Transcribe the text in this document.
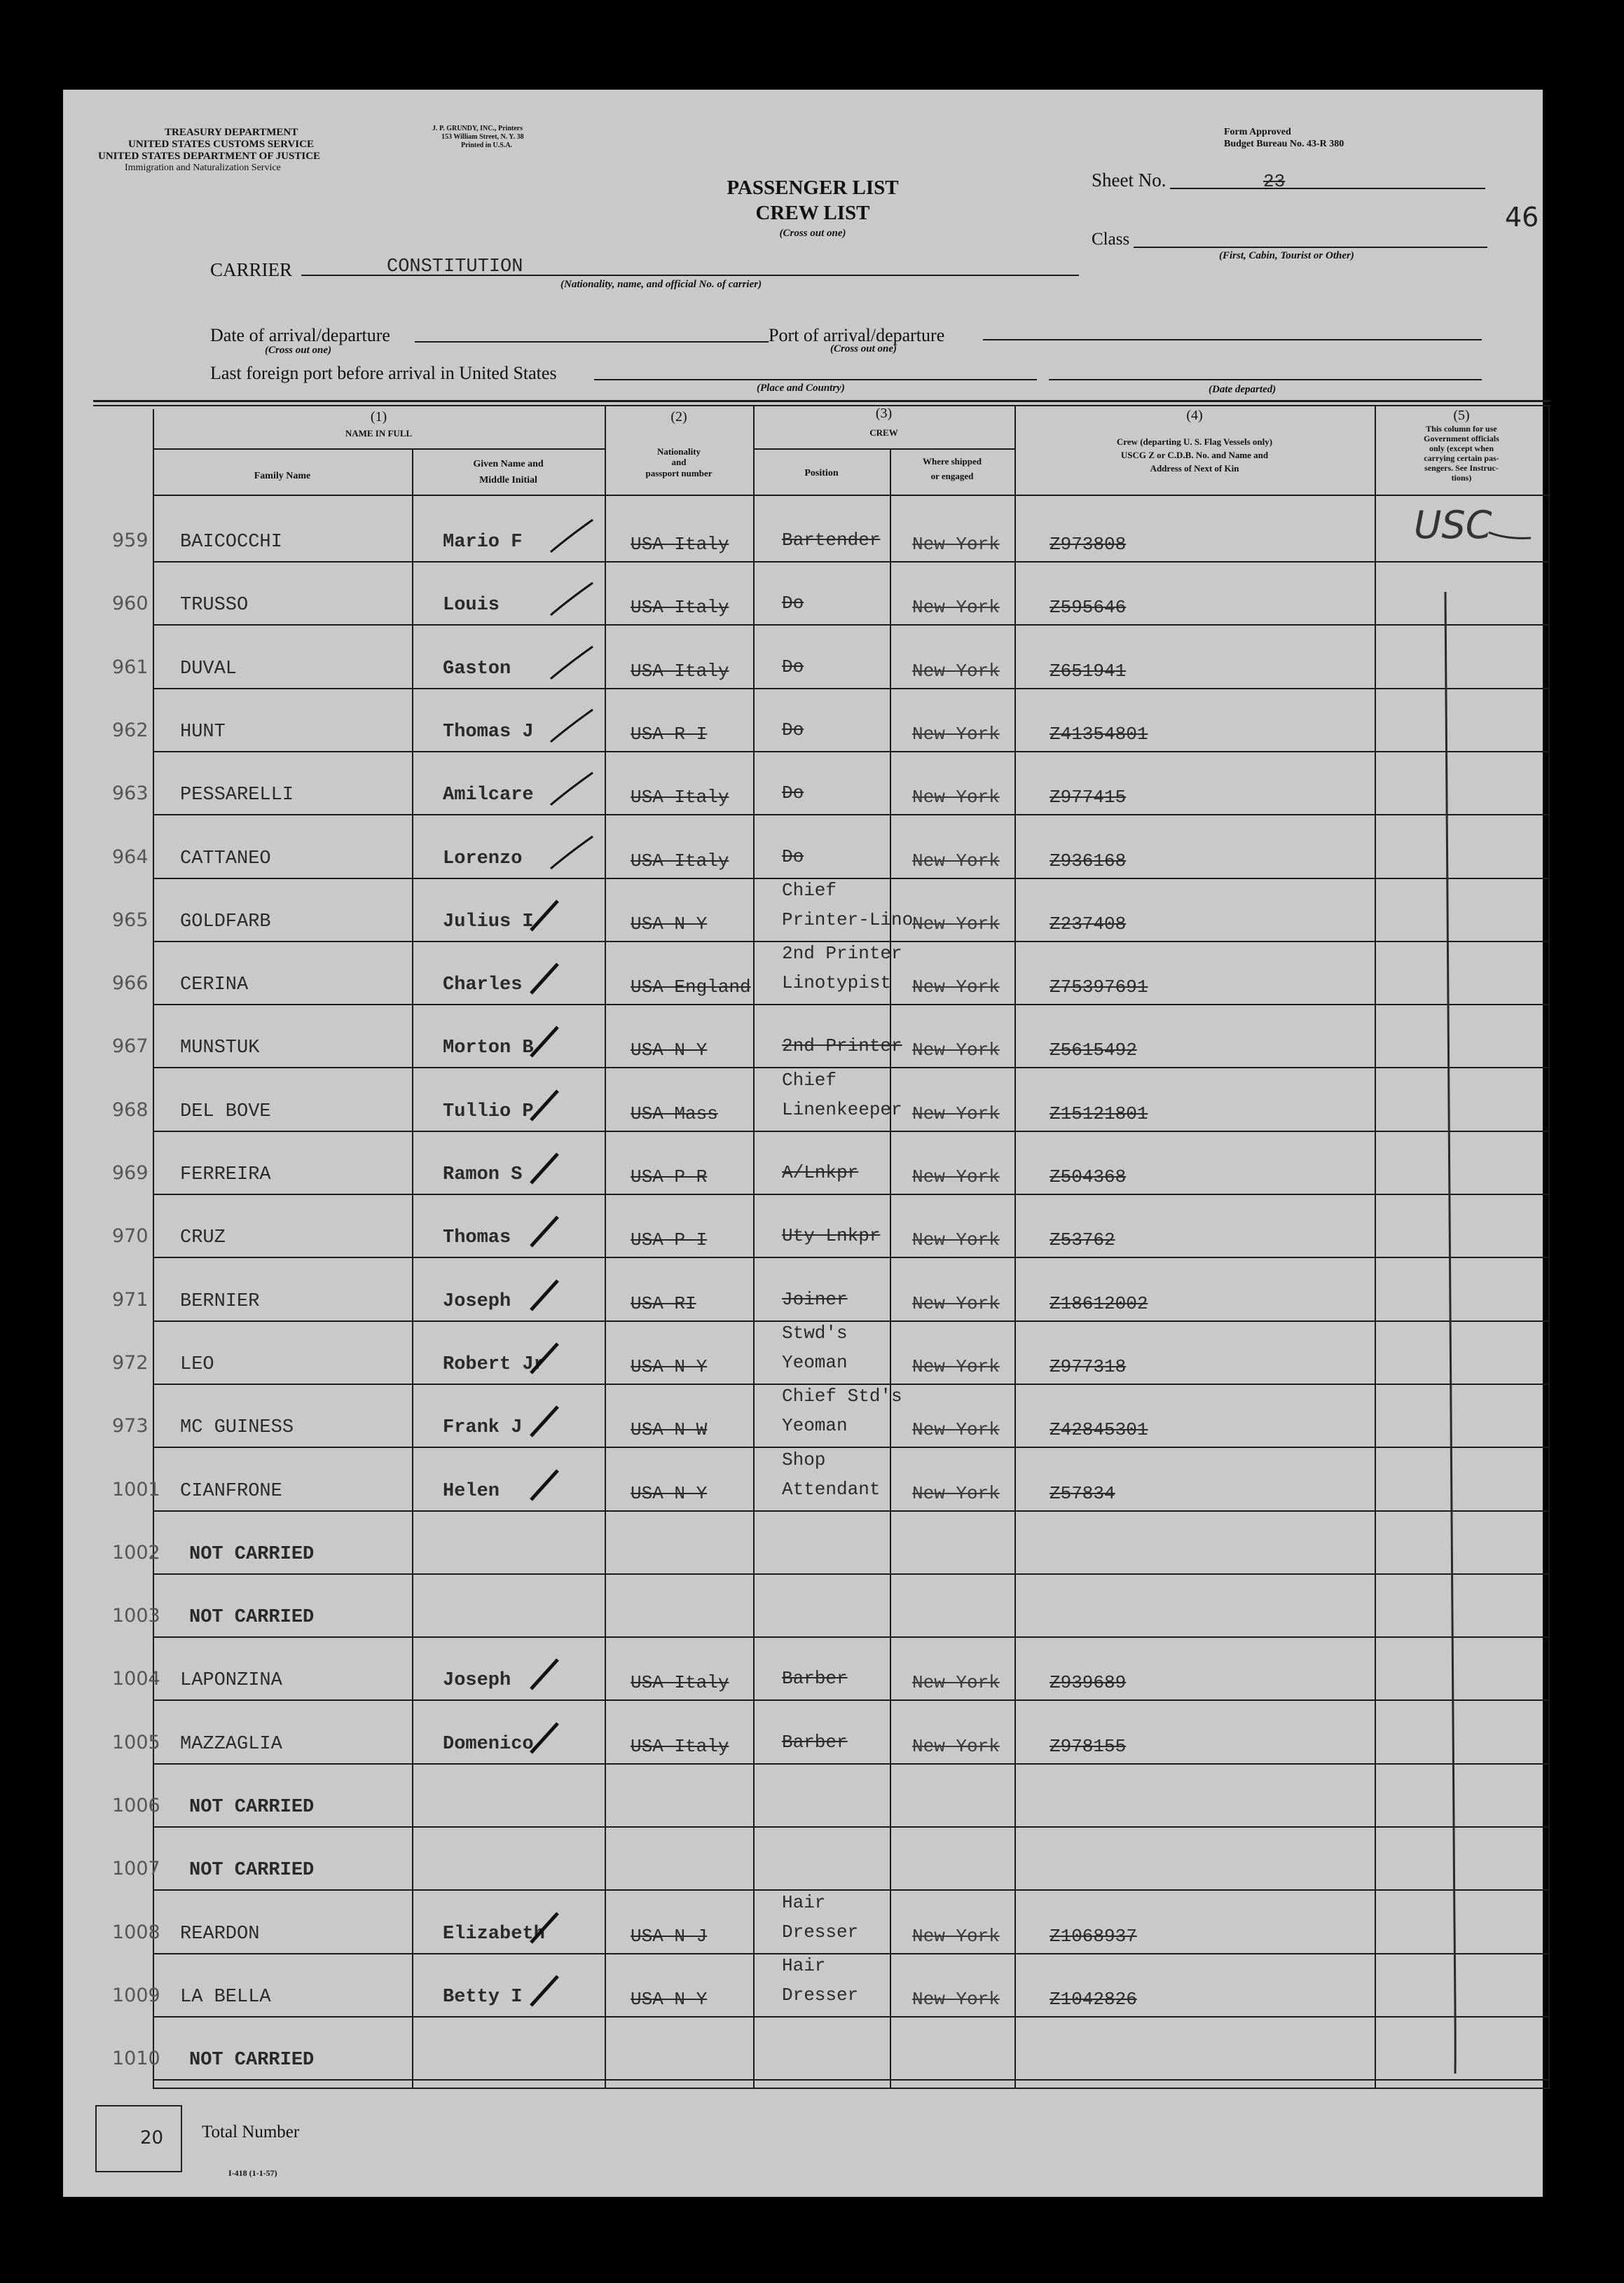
TREASURY DEPARTMENT
UNITED STATES CUSTOMS SERVICE
UNITED STATES DEPARTMENT OF JUSTICE
Immigration and Naturalization Service
J. P. GRUNDY, INC., Printers
153 William Street, N. Y. 38
Printed in U.S.A.
Form Approved
Budget Bureau No. 43-R 380
PASSENGER LIST
CREW LIST
(Cross out one)
Sheet No.	23
46
Class
(First, Cabin, Tourist or Other)
CARRIER	CONSTITUTION
(Nationality, name, and official No. of carrier)
Date of arrival/departure
(Cross out one)
Port of arrival/departure
(Cross out one)
Last foreign port before arrival in United States
(Place and Country)	(Date departed)
(1)
NAME IN FULL
Family Name
Given Name and
Middle Initial
(2)
Nationality
and
passport number
(3)
CREW
Position
Where shipped
or engaged
(4)
Crew (departing U. S. Flag Vessels only)
USCG Z or C.D.B. No. and Name and
Address of Next of Kin
(5)
This column for use
Government officials
only (except when
carrying certain pas-
sengers. See Instruc-
tions)
959 BAICOCCHI	Mario F	USA Italy	Bartender New York	Z973808
960 TRUSSO	Louis	USA Italy	Do	New York	Z595646
961 DUVAL	Gaston	USA Italy	Do	New York	Z651941
962 HUNT	Thomas J	USA R I	Do	New York	Z41354801
963 PESSARELLI	Amilcare	USA Italy	Do	New York	Z977415
964 CATTANEO	Lorenzo	USA Italy	Do	New York	Z936168
965 GOLDFARB	Julius I	USA N Y
Chief
Printer-Lino
New York	Z237408
966 CERINA	Charles	USA England
2nd Printer
Linotypist New York	Z75397691
967 MUNSTUK	Morton B	USA N Y	2nd Printer New York	Z5615492
968 DEL BOVE	Tullio P	USA Mass
Chief
Linenkeeper New York	Z15121801
969 FERREIRA	Ramon S	USA P R	A/Lnkpr	New York	Z504368
970 CRUZ	Thomas	USA P I	Uty Lnkpr New York	Z53762
971 BERNIER	Joseph	USA RI	Joiner	New York	Z18612002
972 LEO	Robert Jr	USA N Y
Stwd's
Yeoman	New York	Z977318
973 MC GUINESS	Frank J	USA N W
Chief Std's
Yeoman	New York	Z42845301
1001 CIANFRONE	Helen	USA N Y
Shop
Attendant New York	Z57834
1002 NOT CARRIED
1003 NOT CARRIED
1004 LAPONZINA	Joseph	USA Italy	Barber	New York	Z939689
1005 MAZZAGLIA	Domenico	USA Italy	Barber	New York	Z978155
1006 NOT CARRIED
1007 NOT CARRIED
1008 REARDON	Elizabeth	USA N J
Hair
Dresser	New York	Z1068937
1009 LA BELLA	Betty I	USA N Y
Hair
Dresser	New York	Z1042826
1010 NOT CARRIED
USC
20 Total Number
I-418 (1-1-57)
